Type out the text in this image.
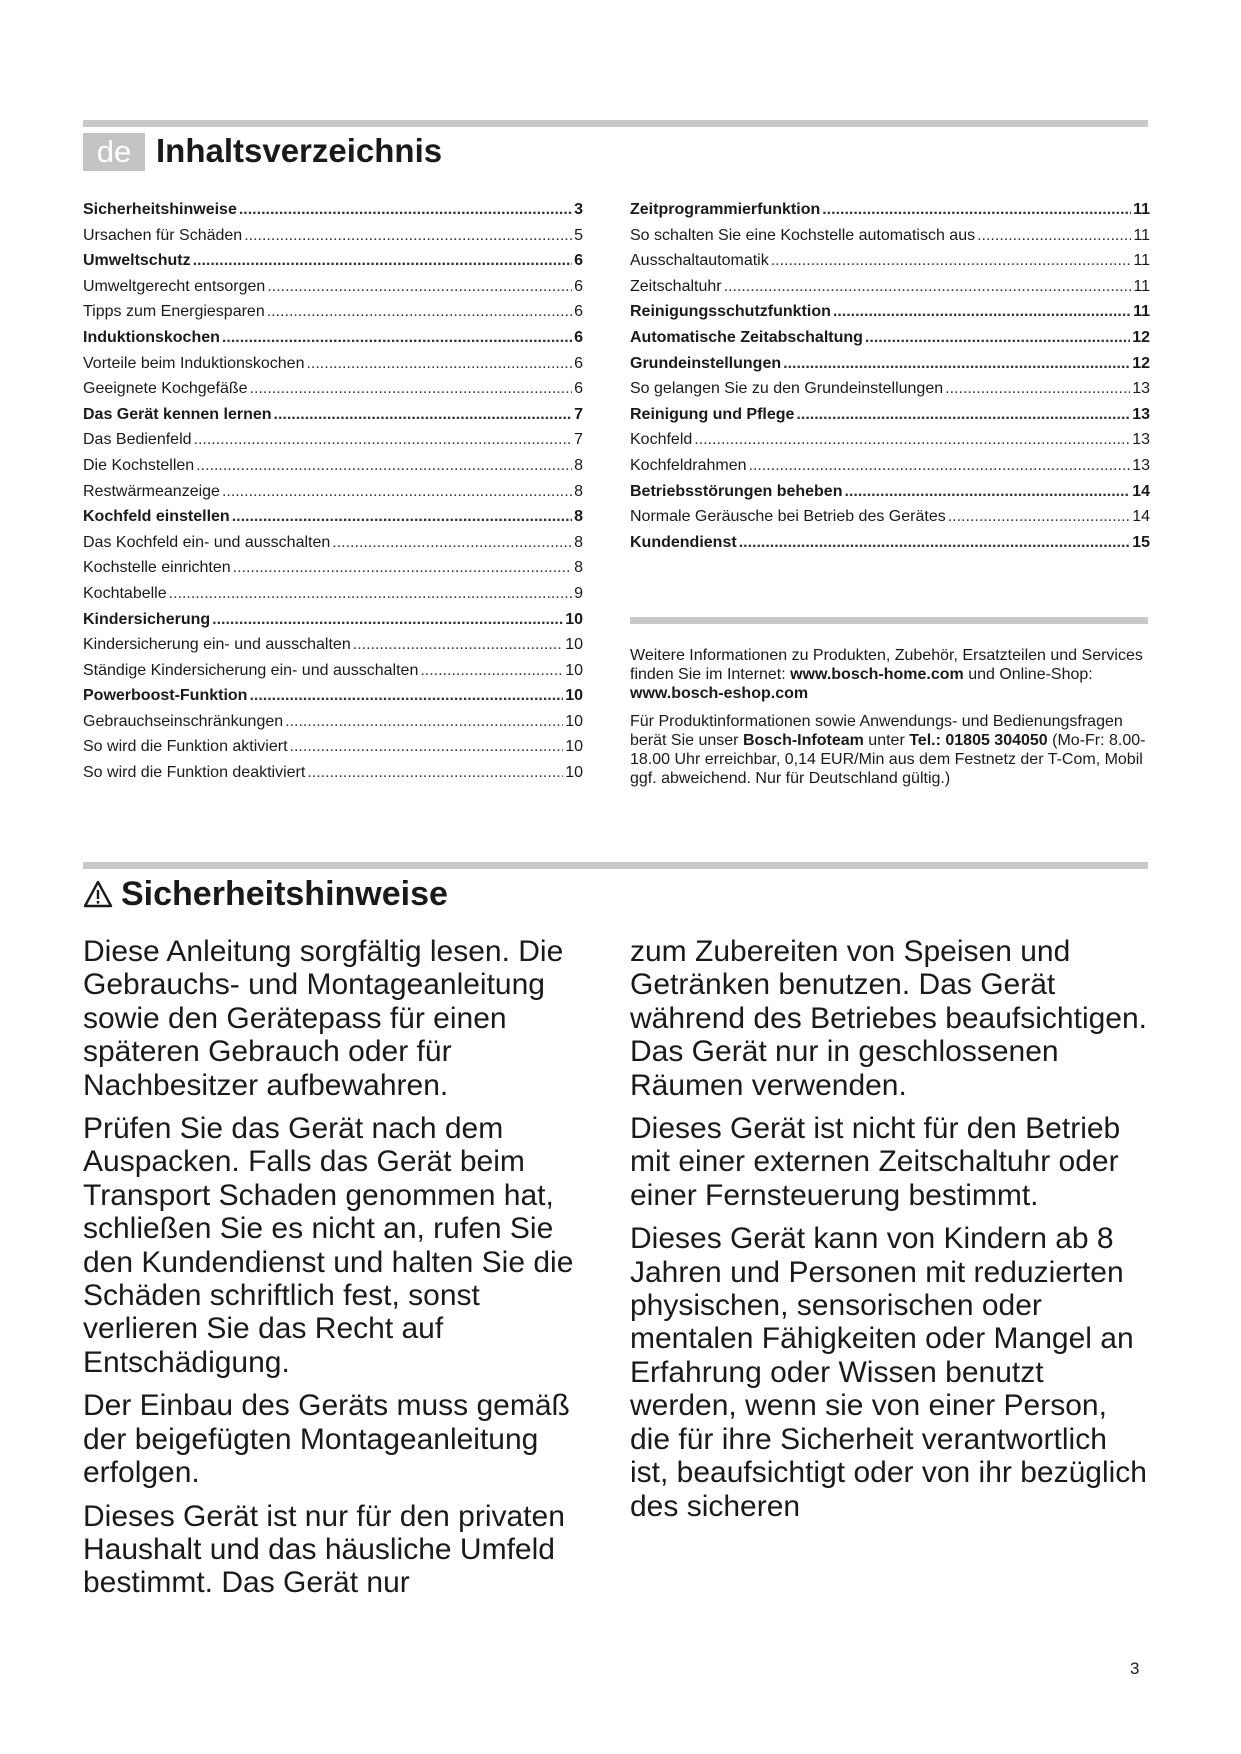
de Inhaltsverzeichnis
Sicherheitshinweise .....	3
Ursachen für Schäden .....	5
Umweltschutz .....	6
Umweltgerecht entsorgen .....	6
Tipps zum Energiesparen .....	6
Induktionskochen .....	6
Vorteile beim Induktionskochen .....	6
Geeignete Kochgefäße .....	6
Das Gerät kennen lernen .....	7
Das Bedienfeld .....	7
Die Kochstellen .....	8
Restwärmeanzeige .....	8
Kochfeld einstellen .....	8
Das Kochfeld ein- und ausschalten .....	8
Kochstelle einrichten .....	8
Kochtabelle .....	9
Kindersicherung .....	10
Kindersicherung ein- und ausschalten .....	10
Ständige Kindersicherung ein- und ausschalten .....	10
Powerboost-Funktion .....	10
Gebrauchseinschränkungen .....	10
So wird die Funktion aktiviert .....	10
So wird die Funktion deaktiviert .....	10
Zeitprogrammierfunktion .....	11
So schalten Sie eine Kochstelle automatisch aus .....	11
Ausschaltautomatik .....	11
Zeitschaltuhr .....	11
Reinigungsschutzfunktion .....	11
Automatische Zeitabschaltung .....	12
Grundeinstellungen .....	12
So gelangen Sie zu den Grundeinstellungen .....	13
Reinigung und Pflege .....	13
Kochfeld .....	13
Kochfeldrahmen .....	13
Betriebsstörungen beheben .....	14
Normale Geräusche bei Betrieb des Gerätes .....	14
Kundendienst .....	15
Weitere Informationen zu Produkten, Zubehör, Ersatzteilen und Services finden Sie im Internet: www.bosch-home.com und Online-Shop: www.bosch-eshop.com
Für Produktinformationen sowie Anwendungs- und Bedienungsfragen berät Sie unser Bosch-Infoteam unter Tel.: 01805 304050 (Mo-Fr: 8.00-18.00 Uhr erreichbar, 0,14 EUR/Min aus dem Festnetz der T-Com, Mobil ggf. abweichend. Nur für Deutschland gültig.)
Sicherheitshinweise

Diese Anleitung sorgfältig lesen. Die Gebrauchs- und Montageanleitung sowie den Gerätepass für einen späteren Gebrauch oder für Nachbesitzer aufbewahren.

Prüfen Sie das Gerät nach dem Auspacken. Falls das Gerät beim Transport Schaden genommen hat, schließen Sie es nicht an, rufen Sie den Kundendienst und halten Sie die Schäden schriftlich fest, sonst verlieren Sie das Recht auf Entschädigung.

Der Einbau des Geräts muss gemäß der beigefügten Montageanleitung erfolgen.

Dieses Gerät ist nur für den privaten Haushalt und das häusliche Umfeld bestimmt. Das Gerät nur

zum Zubereiten von Speisen und Getränken benutzen. Das Gerät während des Betriebes beaufsichtigen. Das Gerät nur in geschlossenen Räumen verwenden.

Dieses Gerät ist nicht für den Betrieb mit einer externen Zeitschaltuhr oder einer Fernsteuerung bestimmt.

Dieses Gerät kann von Kindern ab 8 Jahren und Personen mit reduzierten physischen, sensorischen oder mentalen Fähigkeiten oder Mangel an Erfahrung oder Wissen benutzt werden, wenn sie von einer Person, die für ihre Sicherheit verantwortlich ist, beaufsichtigt oder von ihr bezüglich des sicheren

3
